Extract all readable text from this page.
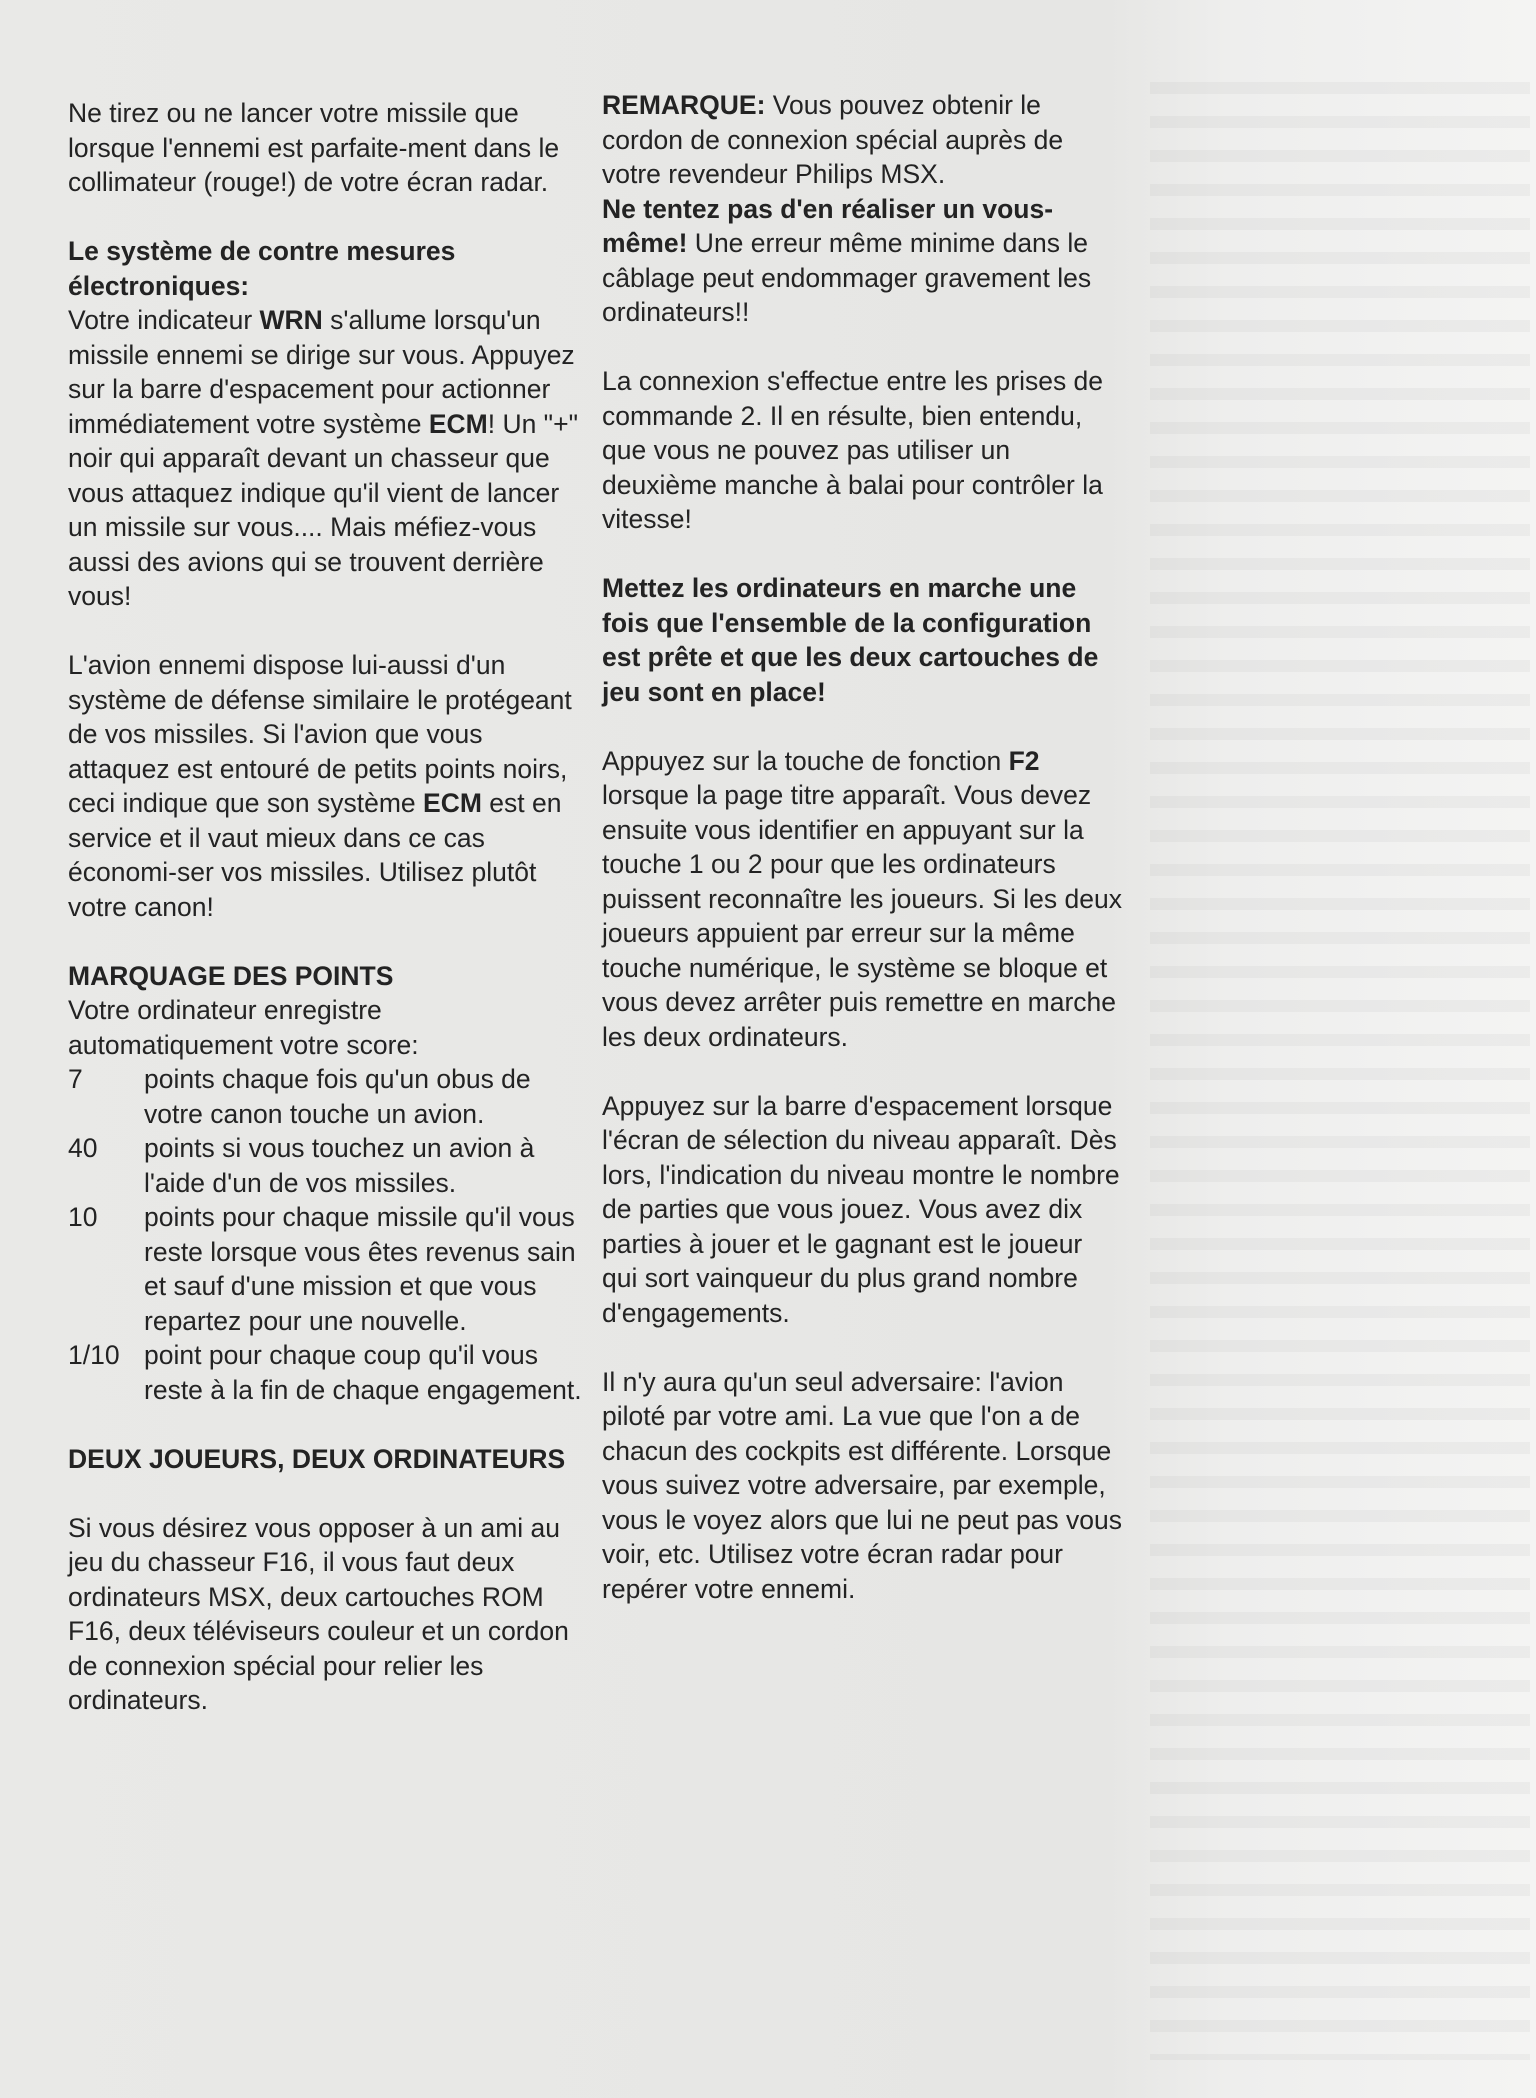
Ne tirez ou ne lancer votre missile que lorsque l'ennemi est parfaite-ment dans le collimateur (rouge!) de votre écran radar.

Le système de contre mesures électroniques:

Votre indicateur WRN s'allume lorsqu'un missile ennemi se dirige sur vous. Appuyez sur la barre d'espacement pour actionner immédiatement votre système ECM! Un "+" noir qui apparaît devant un chasseur que vous attaquez indique qu'il vient de lancer un missile sur vous.... Mais méfiez-vous aussi des avions qui se trouvent derrière vous!

L'avion ennemi dispose lui-aussi d'un système de défense similaire le protégeant de vos missiles. Si l'avion que vous attaquez est entouré de petits points noirs, ceci indique que son système ECM est en service et il vaut mieux dans ce cas économi-ser vos missiles. Utilisez plutôt votre canon!

MARQUAGE DES POINTS

Votre ordinateur enregistre automatiquement votre score:

7	points chaque fois qu'un obus de votre canon touche un avion.
40	points si vous touchez un avion à l'aide d'un de vos missiles.
10	points pour chaque missile qu'il vous reste lorsque vous êtes revenus sain et sauf d'une mission et que vous repartez pour une nouvelle.
1/10 point pour chaque coup qu'il vous reste à la fin de chaque engagement.

DEUX JOUEURS, DEUX ORDINATEURS

Si vous désirez vous opposer à un ami au jeu du chasseur F16, il vous faut deux ordinateurs MSX, deux cartouches ROM F16, deux téléviseurs couleur et un cordon de connexion spécial pour relier les ordinateurs.

REMARQUE: Vous pouvez obtenir le cordon de connexion spécial auprès de votre revendeur Philips MSX.

Ne tentez pas d'en réaliser un vous-même! Une erreur même minime dans le câblage peut endommager gravement les ordinateurs!!

La connexion s'effectue entre les prises de commande 2. Il en résulte, bien entendu, que vous ne pouvez pas utiliser un deuxième manche à balai pour contrôler la vitesse!

Mettez les ordinateurs en marche une fois que l'ensemble de la configuration est prête et que les deux cartouches de jeu sont en place!

Appuyez sur la touche de fonction F2 lorsque la page titre apparaît. Vous devez ensuite vous identifier en appuyant sur la touche 1 ou 2 pour que les ordinateurs puissent reconnaître les joueurs. Si les deux joueurs appuient par erreur sur la même touche numérique, le système se bloque et vous devez arrêter puis remettre en marche les deux ordinateurs.

Appuyez sur la barre d'espacement lorsque l'écran de sélection du niveau apparaît. Dès lors, l'indication du niveau montre le nombre de parties que vous jouez. Vous avez dix parties à jouer et le gagnant est le joueur qui sort vainqueur du plus grand nombre d'engagements.

Il n'y aura qu'un seul adversaire: l'avion piloté par votre ami. La vue que l'on a de chacun des cockpits est différente. Lorsque vous suivez votre adversaire, par exemple, vous le voyez alors que lui ne peut pas vous voir, etc. Utilisez votre écran radar pour repérer votre ennemi.
